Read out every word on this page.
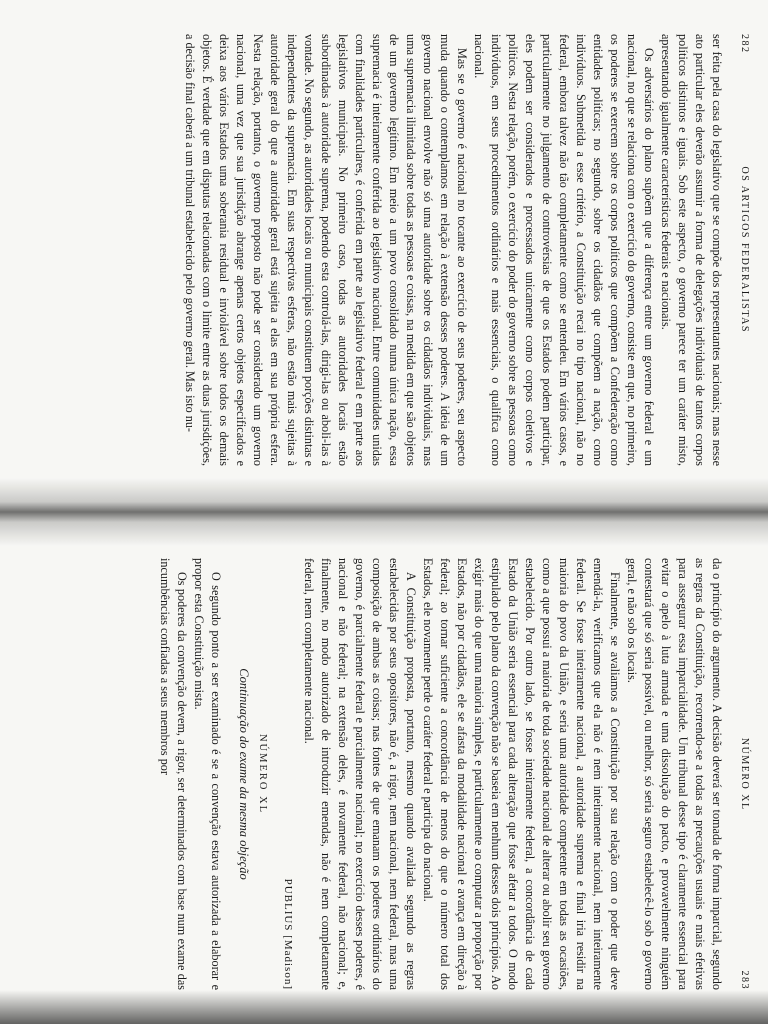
282
OS ARTIGOS FEDERALISTAS

ser feita pela casa do legislativo que se compõe dos representantes nacionais; mas nesse ato particular eles deverão assumir a forma de delegações individuais de tantos corpos políticos distintos e iguais. Sob este aspecto, o governo parece ter um caráter misto, apresentando igualmente características federais e nacionais.

Os adversários do plano supõem que a diferença entre um governo federal e um nacional, no que se relaciona com o exercício do governo, consiste em que, no primeiro, os poderes se exercem sobre os corpos políticos que compõem a Confederação como entidades políticas; no segundo, sobre os cidadãos que compõem a nação, como indivíduos. Submetida a esse critério, a Constituição recai no tipo nacional, não no federal, embora talvez não tão completamente como se entendeu. Em vários casos, e particularmente no julgamento de controvérsias de que os Estados podem participar, eles podem ser considerados e processados unicamente como corpos coletivos e políticos. Nesta relação, porém, o exercício do poder do governo sobre as pessoas como indivíduos, em seus procedimentos ordinários e mais essenciais, o qualifica como nacional.

Mas se o governo é nacional no tocante ao exercício de seus poderes, seu aspecto muda quando o contemplamos em relação à extensão desses poderes. A ideia de um governo nacional envolve não só uma autoridade sobre os cidadãos individuais, mas uma supremacia ilimitada sobre todas as pessoas e coisas, na medida em que são objetos de um governo legítimo. Em meio a um povo consolidado numa única nação, essa supremacia é inteiramente conferida ao legislativo nacional. Entre comunidades unidas com finalidades particulares, é conferida em parte ao legislativo federal e em parte aos legislativos municipais. No primeiro caso, todas as autoridades locais estão subordinadas à autoridade suprema, podendo esta controlá-las, dirigi-las ou aboli-las à vontade. No segundo, as autoridades locais ou municipais constituem porções distintas e independentes da supremacia. Em suas respectivas esferas, não estão mais sujeitas à autoridade geral do que a autoridade geral está sujeita a elas em sua própria esfera. Nesta relação, portanto, o governo proposto não pode ser considerado um governo nacional, uma vez que sua jurisdição abrange apenas certos objetos especificados e deixa aos vários Estados uma soberania residual e inviolável sobre todos os demais objetos. É verdade que em disputas relacionadas com o limite entre as duas jurisdições, a decisão final caberá a um tribunal estabelecido pelo governo geral. Mas isto nu-

NÚMERO XL
283

da o princípio do argumento. A decisão deverá ser tomada de forma imparcial, segundo as regras da Constituição, recorrendo-se a todas as precauções usuais e mais efetivas para assegurar essa imparcialidade. Um tribunal desse tipo é claramente essencial para evitar o apelo à luta armada e uma dissolução do pacto, e provavelmente ninguém contestará que só seria possível, ou melhor, só seria seguro estabelecê-lo sob o governo geral, e não sob os locais.

Finalmente, se avaliamos a Constituição por sua relação com o poder que deve emendá-la, verificamos que ela não é nem inteiramente nacional, nem inteiramente federal. Se fosse inteiramente nacional, a autoridade suprema e final iria residir na maioria do povo da União, e seria uma autoridade competente em todas as ocasiões, como a que possui a maioria de toda sociedade nacional de alterar ou abolir seu governo estabelecido. Por outro lado, se fosse inteiramente federal, a concordância de cada Estado da União seria essencial para cada alteração que fosse afetar a todos. O modo estipulado pelo plano da convenção não se baseia em nenhum desses dois princípios. Ao exigir mais do que uma maioria simples, e particularmente ao computar a proporção por Estados, não por cidadãos, ele se afasta da modalidade nacional e avança em direção à federal; ao tornar suficiente a concordância de menos do que o número total dos Estados, ele novamente perde o caráter federal e participa do nacional.

A Constituição proposta, portanto, mesmo quando avaliada segundo as regras estabelecidas por seus opositores, não é, a rigor, nem nacional, nem federal, mas uma composição de ambas as coisas; nas fontes de que emanam os poderes ordinários do governo, é parcialmente federal e parcialmente nacional; no exercício desses poderes, é nacional e não federal; na extensão deles, é novamente federal, não nacional; e, finalmente, no modo autorizado de introduzir emendas, não é nem completamente federal, nem completamente nacional.

PUBLIUS [Madison]
NÚMERO XL
Continuação do exame da mesma objeção

O segundo ponto a ser examinado é se a convenção estava autorizada a elaborar e propor esta Constituição mista.

Os poderes da convenção devem, a rigor, ser determinados com base num exame das incumbências confiadas a seus membros por
